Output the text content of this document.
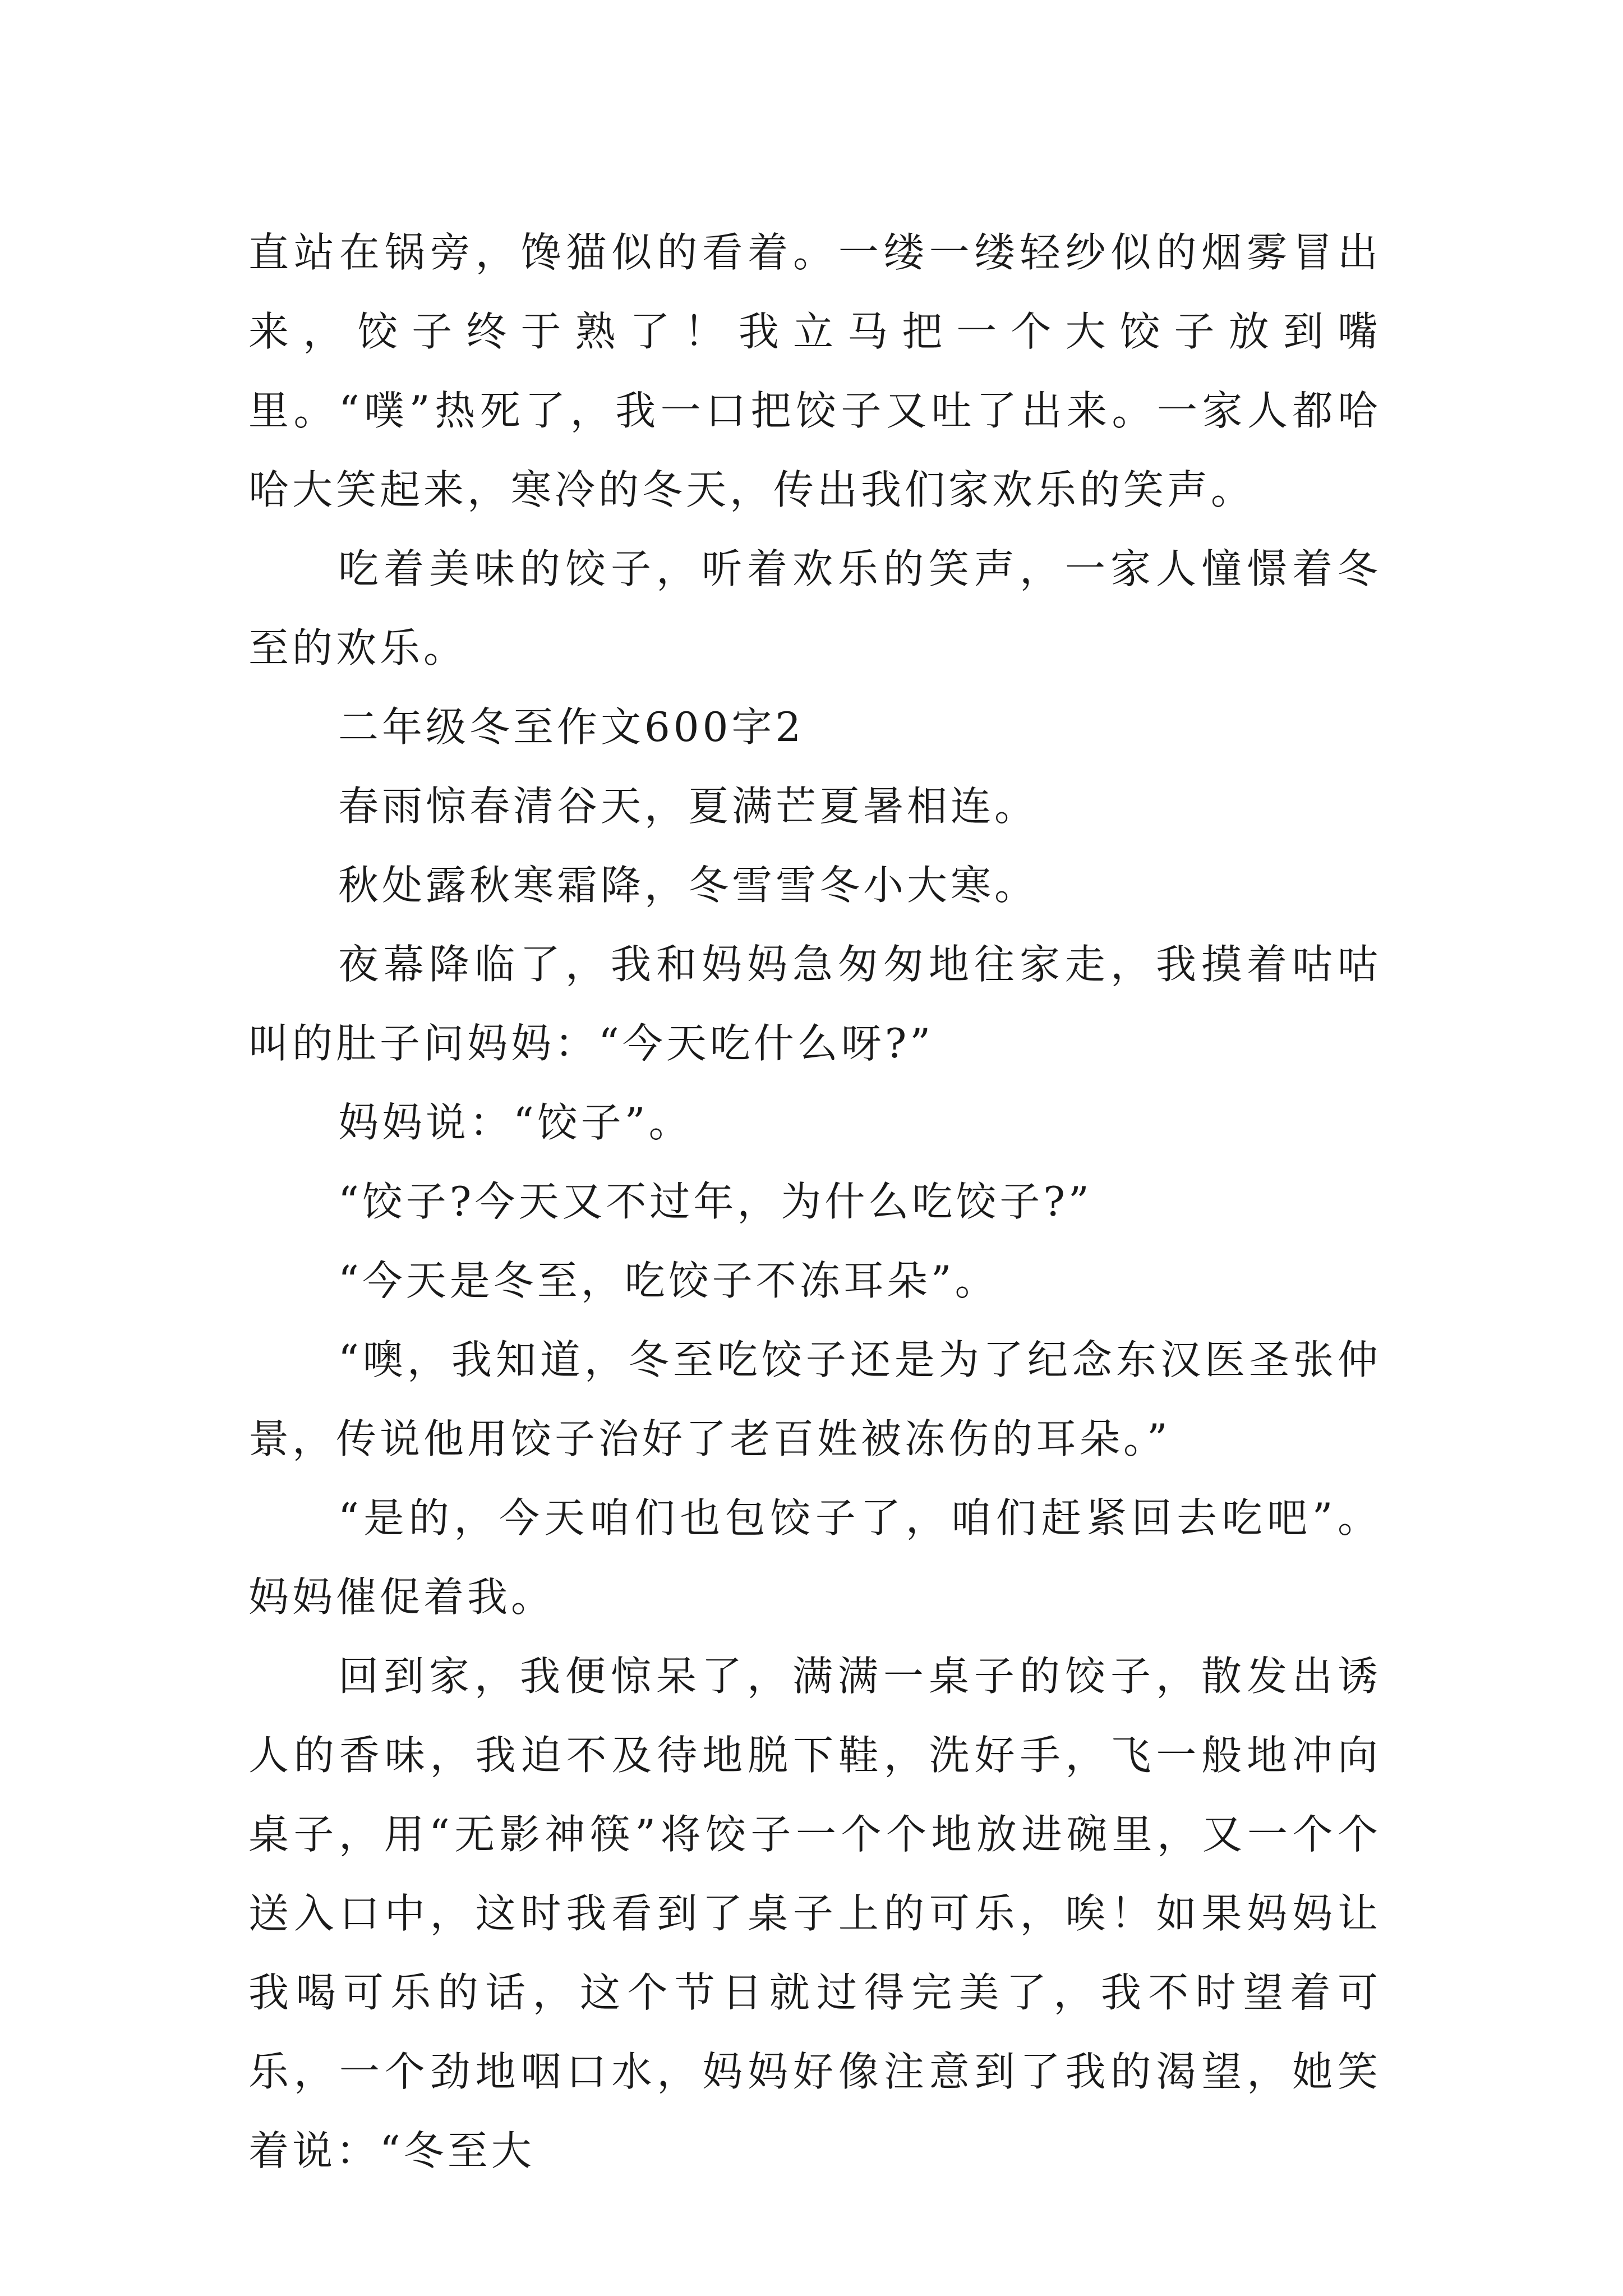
直站在锅旁，馋猫似的看着。一缕一缕轻纱似的烟雾冒出来，饺子终于熟了！我立马把一个大饺子放到嘴里。“噗”热死了，我一口把饺子又吐了出来。一家人都哈哈大笑起来，寒冷的冬天，传出我们家欢乐的笑声。

吃着美味的饺子，听着欢乐的笑声，一家人憧憬着冬至的欢乐。

二年级冬至作文600字2

春雨惊春清谷天，夏满芒夏暑相连。

秋处露秋寒霜降，冬雪雪冬小大寒。

夜幕降临了，我和妈妈急匆匆地往家走，我摸着咕咕叫的肚子问妈妈：“今天吃什么呀?”

妈妈说：“饺子”。

“饺子?今天又不过年，为什么吃饺子?”

“今天是冬至，吃饺子不冻耳朵”。

“噢，我知道，冬至吃饺子还是为了纪念东汉医圣张仲景，传说他用饺子治好了老百姓被冻伤的耳朵。”

“是的，今天咱们也包饺子了，咱们赶紧回去吃吧”。妈妈催促着我。

回到家，我便惊呆了，满满一桌子的饺子，散发出诱人的香味，我迫不及待地脱下鞋，洗好手，飞一般地冲向桌子，用“无影神筷”将饺子一个个地放进碗里，又一个个送入口中，这时我看到了桌子上的可乐，唉！如果妈妈让我喝可乐的话，这个节日就过得完美了，我不时望着可乐，一个劲地咽口水，妈妈好像注意到了我的渴望，她笑着说：“冬至大
